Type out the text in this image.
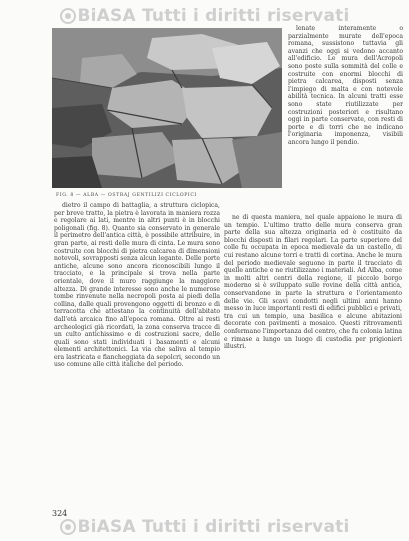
BiASA Tutti i diritti riservati
FIG. 8 — ALBA — OSTRAJ GENTILIZI CICLOPICI

lenate interamente o parzialmente murate dell'epoca romana, sussistono tuttavia gli avanzi che oggi si vedono accanto all'edificio. Le mura dell'Acropoli sono poste sulla sommità del colle e costruite con enormi blocchi di pietra calcarea, disposti senza l'impiego di malta e con notevole abilità tecnica. In alcuni tratti esse sono state riutilizzate per costruzioni posteriori e risultano oggi in parte conservate, con resti di porte e di torri che ne indicano l'originaria imponenza, visibili ancora lungo il pendio.

dietro il campo di battaglia, a struttura ciclopica, per breve tratto, la pietra è lavorata in maniera rozza e regolare ai lati, mentre in altri punti è in blocchi poligonali (fig. 8). Quanto sia conservato in generale il perimetro dell'antica città, è possibile attribuire, in gran parte, ai resti delle mura di cinta. Le mura sono costruite con blocchi di pietra calcarea di dimensioni notevoli, sovrapposti senza alcun legante. Delle porte antiche, alcune sono ancora riconoscibili lungo il tracciato, e la principale si trova nella parte orientale, dove il muro raggiunge la maggiore altezza. Di grande interesse sono anche le numerose tombe rinvenute nella necropoli posta ai piedi della collina, dalle quali provengono oggetti di bronzo e di terracotta che attestano la continuità dell'abitato dall'età arcaica fino all'epoca romana. Oltre ai resti archeologici già ricordati, la zona conserva tracce di un culto antichissimo e di costruzioni sacre, delle quali sono stati individuati i basamenti e alcuni elementi architettonici. La via che saliva al tempio era lastricata e fiancheggiata da sepolcri, secondo un uso comune alle città italiche del periodo.

ne di questa maniera, nel quale appaiono le mura di un tempio. L'ultimo tratto delle mura conserva gran parte della sua altezza originaria ed è costituito da blocchi disposti in filari regolari. La parte superiore del colle fu occupata in epoca medievale da un castello, di cui restano alcune torri e tratti di cortina. Anche le mura del periodo medievale seguono in parte il tracciato di quelle antiche e ne riutilizzano i materiali. Ad Alba, come in molti altri centri della regione, il piccolo borgo moderno si è sviluppato sulle rovine della città antica, conservandone in parte la struttura e l'orientamento delle vie. Gli scavi condotti negli ultimi anni hanno messo in luce importanti resti di edifici pubblici e privati, tra cui un tempio, una basilica e alcune abitazioni decorate con pavimenti a mosaico. Questi ritrovamenti confermano l'importanza del centro, che fu colonia latina e rimase a lungo un luogo di custodia per prigionieri illustri.

324
BiASA Tutti i diritti riservati
